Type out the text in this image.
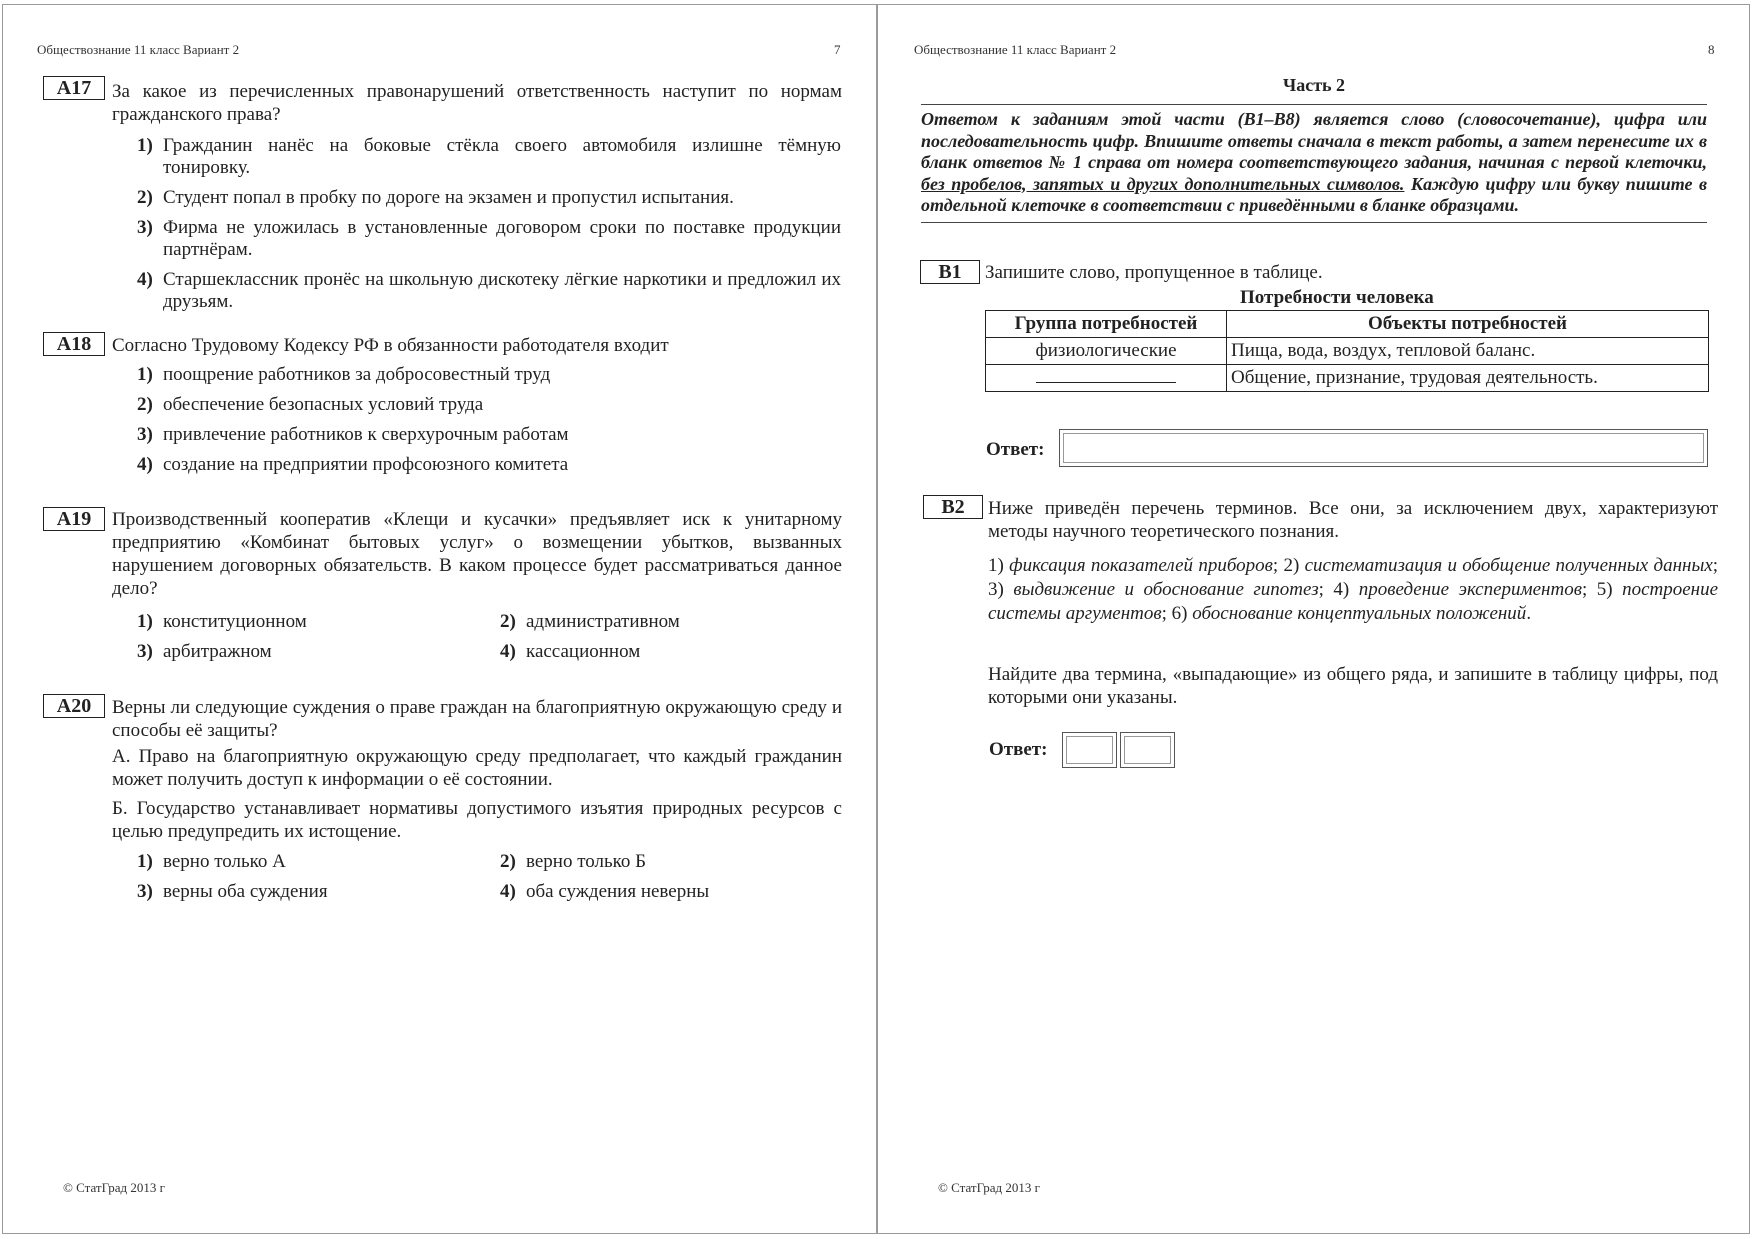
Обществознание 11 класс Вариант 2	7
А17	За какое из перечисленных правонарушений ответственность наступит по нормам гражданского права?
1) Гражданин нанёс на боковые стёкла своего автомобиля излишне тёмную тонировку.
2) Студент попал в пробку по дороге на экзамен и пропустил испытания.
3) Фирма не уложилась в установленные договором сроки по поставке продукции партнёрам.
4) Старшеклассник пронёс на школьную дискотеку лёгкие наркотики и предложил их друзьям.
А18	Согласно Трудовому Кодексу РФ в обязанности работодателя входит
1) поощрение работников за добросовестный труд
2) обеспечение безопасных условий труда
3) привлечение работников к сверхурочным работам
4) создание на предприятии профсоюзного комитета
А19	Производственный кооператив «Клещи и кусачки» предъявляет иск к унитарному предприятию «Комбинат бытовых услуг» о возмещении убытков, вызванных нарушением договорных обязательств. В каком процессе будет рассматриваться данное дело?
1) конституционном	2) административном
3) арбитражном	4) кассационном
А20	Верны ли следующие суждения о праве граждан на благоприятную окружающую среду и способы её защиты?
А. Право на благоприятную окружающую среду предполагает, что каждый гражданин может получить доступ к информации о её состоянии.
Б. Государство устанавливает нормативы допустимого изъятия природных ресурсов с целью предупредить их истощение.
1) верно только А	2) верно только Б
3) верны оба суждения	4) оба суждения неверны
© СтатГрад 2013 г
Обществознание 11 класс Вариант 2	8
Часть 2
Ответом к заданиям этой части (В1–В8) является слово (словосочетание), цифра или последовательность цифр. Впишите ответы сначала в текст работы, а затем перенесите их в бланк ответов № 1 справа от номера соответствующего задания, начиная с первой клеточки, без пробелов, запятых и других дополнительных символов. Каждую цифру или букву пишите в отдельной клеточке в соответствии с приведёнными в бланке образцами.
В1	Запишите слово, пропущенное в таблице.
Потребности человека
Группа потребностей	Объекты потребностей
физиологические	Пища, вода, воздух, тепловой баланс.
	Общение, признание, трудовая деятельность.
Ответ:
В2	Ниже приведён перечень терминов. Все они, за исключением двух, характеризуют методы научного теоретического познания.
1) фиксация показателей приборов; 2) систематизация и обобщение полученных данных; 3) выдвижение и обоснование гипотез; 4) проведение экспериментов; 5) построение системы аргументов; 6) обоснование концептуальных положений.
Найдите два термина, «выпадающие» из общего ряда, и запишите в таблицу цифры, под которыми они указаны.
Ответ:
© СтатГрад 2013 г
